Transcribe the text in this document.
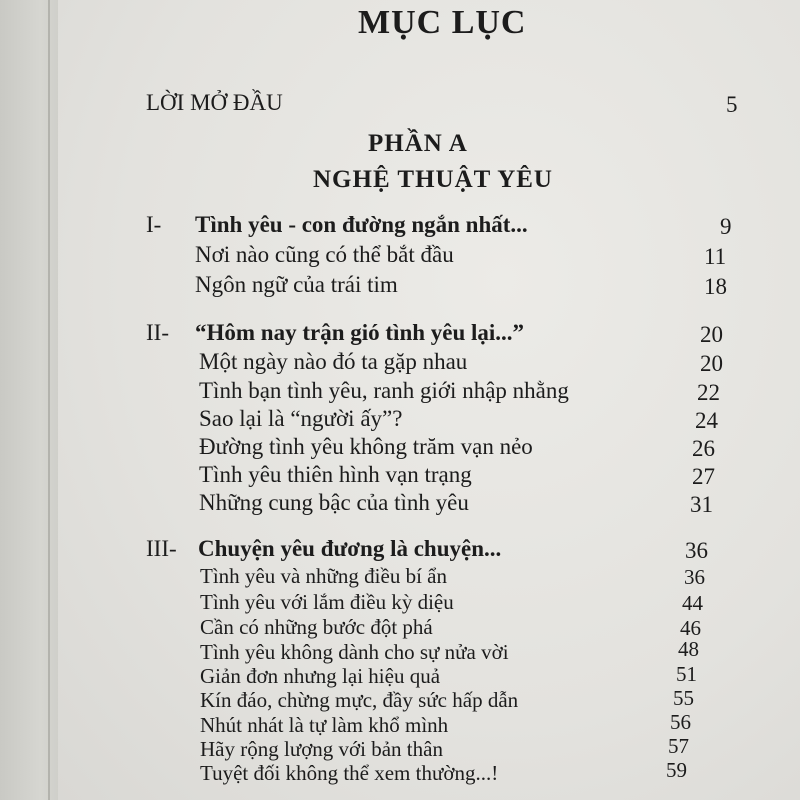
MỤC LỤC
LỜI MỞ ĐẦU	5
PHẦN A
NGHỆ THUẬT YÊU
I- Tình yêu - con đường ngắn nhất...	9
Nơi nào cũng có thể bắt đầu	11
Ngôn ngữ của trái tim	18
II- “Hôm nay trận gió tình yêu lại...”	20
Một ngày nào đó ta gặp nhau	20
Tình bạn tình yêu, ranh giới nhập nhằng	22
Sao lại là “người ấy”?	24
Đường tình yêu không trăm vạn nẻo	26
Tình yêu thiên hình vạn trạng	27
Những cung bậc của tình yêu	31
III- Chuyện yêu đương là chuyện...	36
Tình yêu và những điều bí ẩn	36
Tình yêu với lắm điều kỳ diệu	44
Cần có những bước đột phá	46
Tình yêu không dành cho sự nửa vời	48
Giản đơn nhưng lại hiệu quả	51
Kín đáo, chừng mực, đầy sức hấp dẫn	55
Nhút nhát là tự làm khổ mình	56
Hãy rộng lượng với bản thân	57
Tuyệt đối không thể xem thường...!	59
